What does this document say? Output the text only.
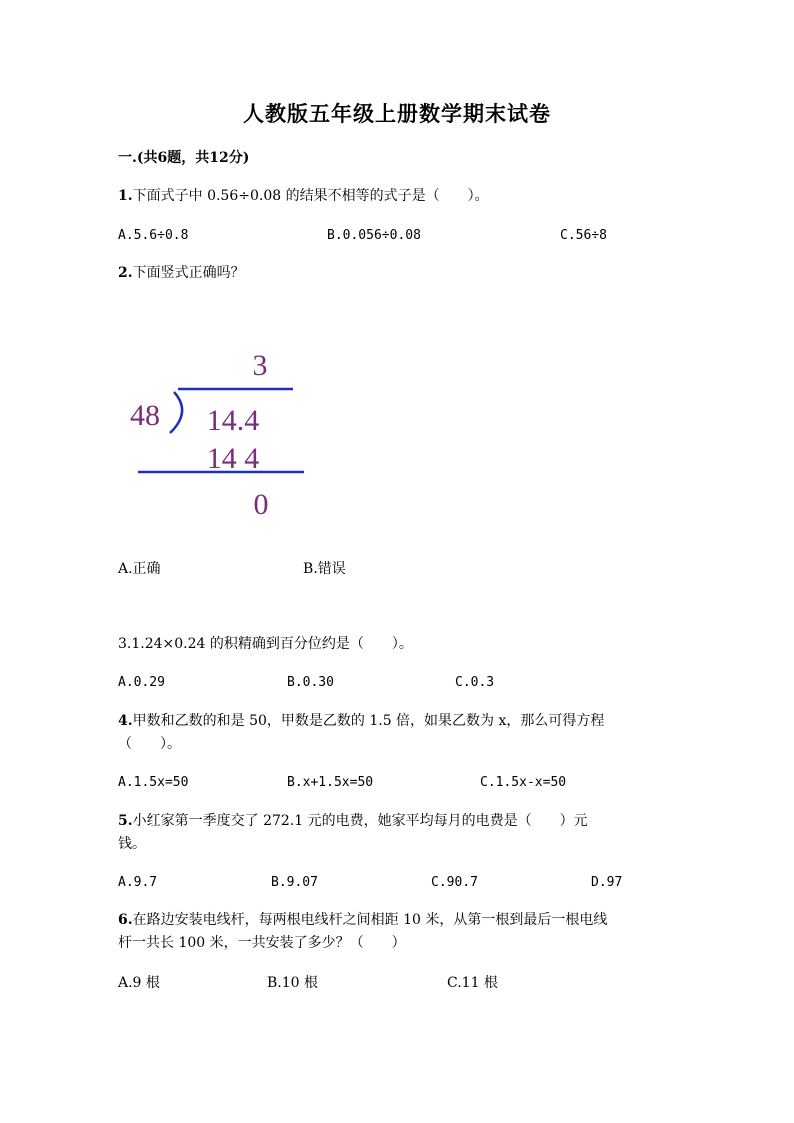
人教版五年级上册数学期末试卷
一.(共6题，共12分)
1.下面式子中 0.56÷0.08 的结果不相等的式子是（　　）。
A.5.6÷0.8	B.0.056÷0.08	C.56÷8
2.下面竖式正确吗？
3
48 14.4
14 4
0
A.正确	B.错误
3.1.24×0.24 的积精确到百分位约是（　　）。
A.0.29	B.0.30	C.0.3
4.甲数和乙数的和是 50，甲数是乙数的 1.5 倍，如果乙数为 x，那么可得方程
（　　）。
A.1.5x=50	B.x+1.5x=50	C.1.5x-x=50
5.小红家第一季度交了 272.1 元的电费，她家平均每月的电费是（　　）元
钱。
A.9.7	B.9.07	C.90.7	D.97
6.在路边安装电线杆，每两根电线杆之间相距 10 米，从第一根到最后一根电线
杆一共长 100 米，一共安装了多少？（　　）
A.9 根	B.10 根	C.11 根
